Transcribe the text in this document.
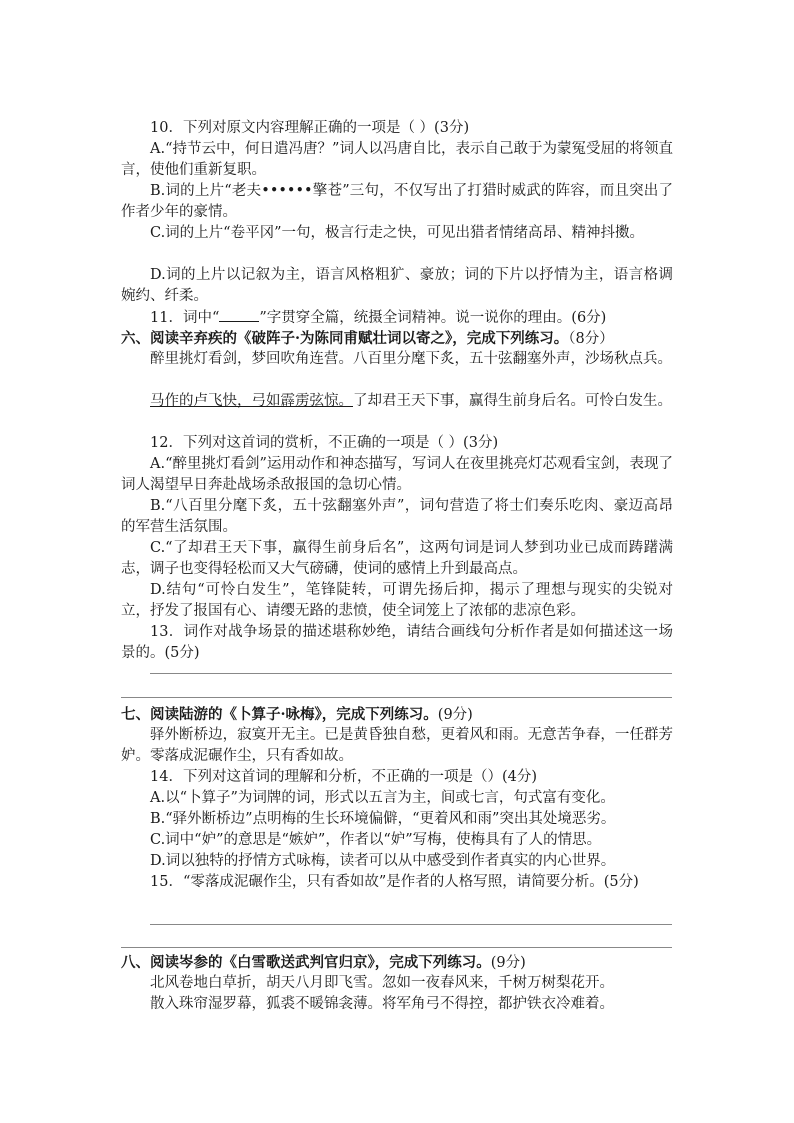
10．下列对原文内容理解正确的一项是（ ）(3分)

A.“持节云中，何日遣冯唐？”词人以冯唐自比，表示自己敢于为蒙冤受屈的将领直言，使他们重新复职。

B.词的上片“老夫••••••擎苍”三句，不仅写出了打猎时威武的阵容，而且突出了作者少年的豪情。

C.词的上片“卷平冈”一句，极言行走之快，可见出猎者情绪高昂、精神抖擞。

D.词的上片以记叙为主，语言风格粗犷、豪放；词的下片以抒情为主，语言格调婉约、纤柔。

11．词中“	”字贯穿全篇，统摄全词精神。说一说你的理由。(6分)

六、阅读辛弃疾的《破阵子·为陈同甫赋壮词以寄之》，完成下列练习。（8分）

醉里挑灯看剑，梦回吹角连营。八百里分麾下炙，五十弦翻塞外声，沙场秋点兵。

马作的卢飞快，弓如霹雳弦惊。了却君王天下事，赢得生前身后名。可怜白发生。

12．下列对这首词的赏析，不正确的一项是（ ）(3分)

A.“醉里挑灯看剑”运用动作和神态描写，写词人在夜里挑亮灯芯观看宝剑，表现了词人渴望早日奔赴战场杀敌报国的急切心情。

B.“八百里分麾下炙，五十弦翻塞外声”，词句营造了将士们奏乐吃肉、豪迈高昂的军营生活氛围。

C.“了却君王天下事，赢得生前身后名”，这两句词是词人梦到功业已成而踌躇满志，调子也变得轻松而又大气磅礴，使词的感情上升到最高点。

D.结句“可怜白发生”，笔锋陡转，可谓先扬后抑，揭示了理想与现实的尖锐对立，抒发了报国有心、请缨无路的悲愤，使全词笼上了浓郁的悲凉色彩。

13．词作对战争场景的描述堪称妙绝，请结合画线句分析作者是如何描述这一场景的。(5分)

七、阅读陆游的《卜算子·咏梅》，完成下列练习。(9分)

驿外断桥边，寂寞开无主。已是黄昏独自愁，更着风和雨。无意苦争春，一任群芳妒。零落成泥碾作尘，只有香如故。

14．下列对这首词的理解和分析，不正确的一项是（）(4分)

A.以“卜算子”为词牌的词，形式以五言为主，间或七言，句式富有变化。

B.“驿外断桥边”点明梅的生长环境偏僻，“更着风和雨”突出其处境恶劣。

C.词中“妒”的意思是“嫉妒”，作者以“妒”写梅，使梅具有了人的情思。

D.词以独特的抒情方式咏梅，读者可以从中感受到作者真实的内心世界。

15．“零落成泥碾作尘，只有香如故”是作者的人格写照，请简要分析。(5分)

八、阅读岑参的《白雪歌送武判官归京》，完成下列练习。(9分)

北风卷地白草折，胡天八月即飞雪。忽如一夜春风来，千树万树梨花开。

散入珠帘湿罗幕，狐裘不暖锦衾薄。将军角弓不得控，都护铁衣冷难着。
